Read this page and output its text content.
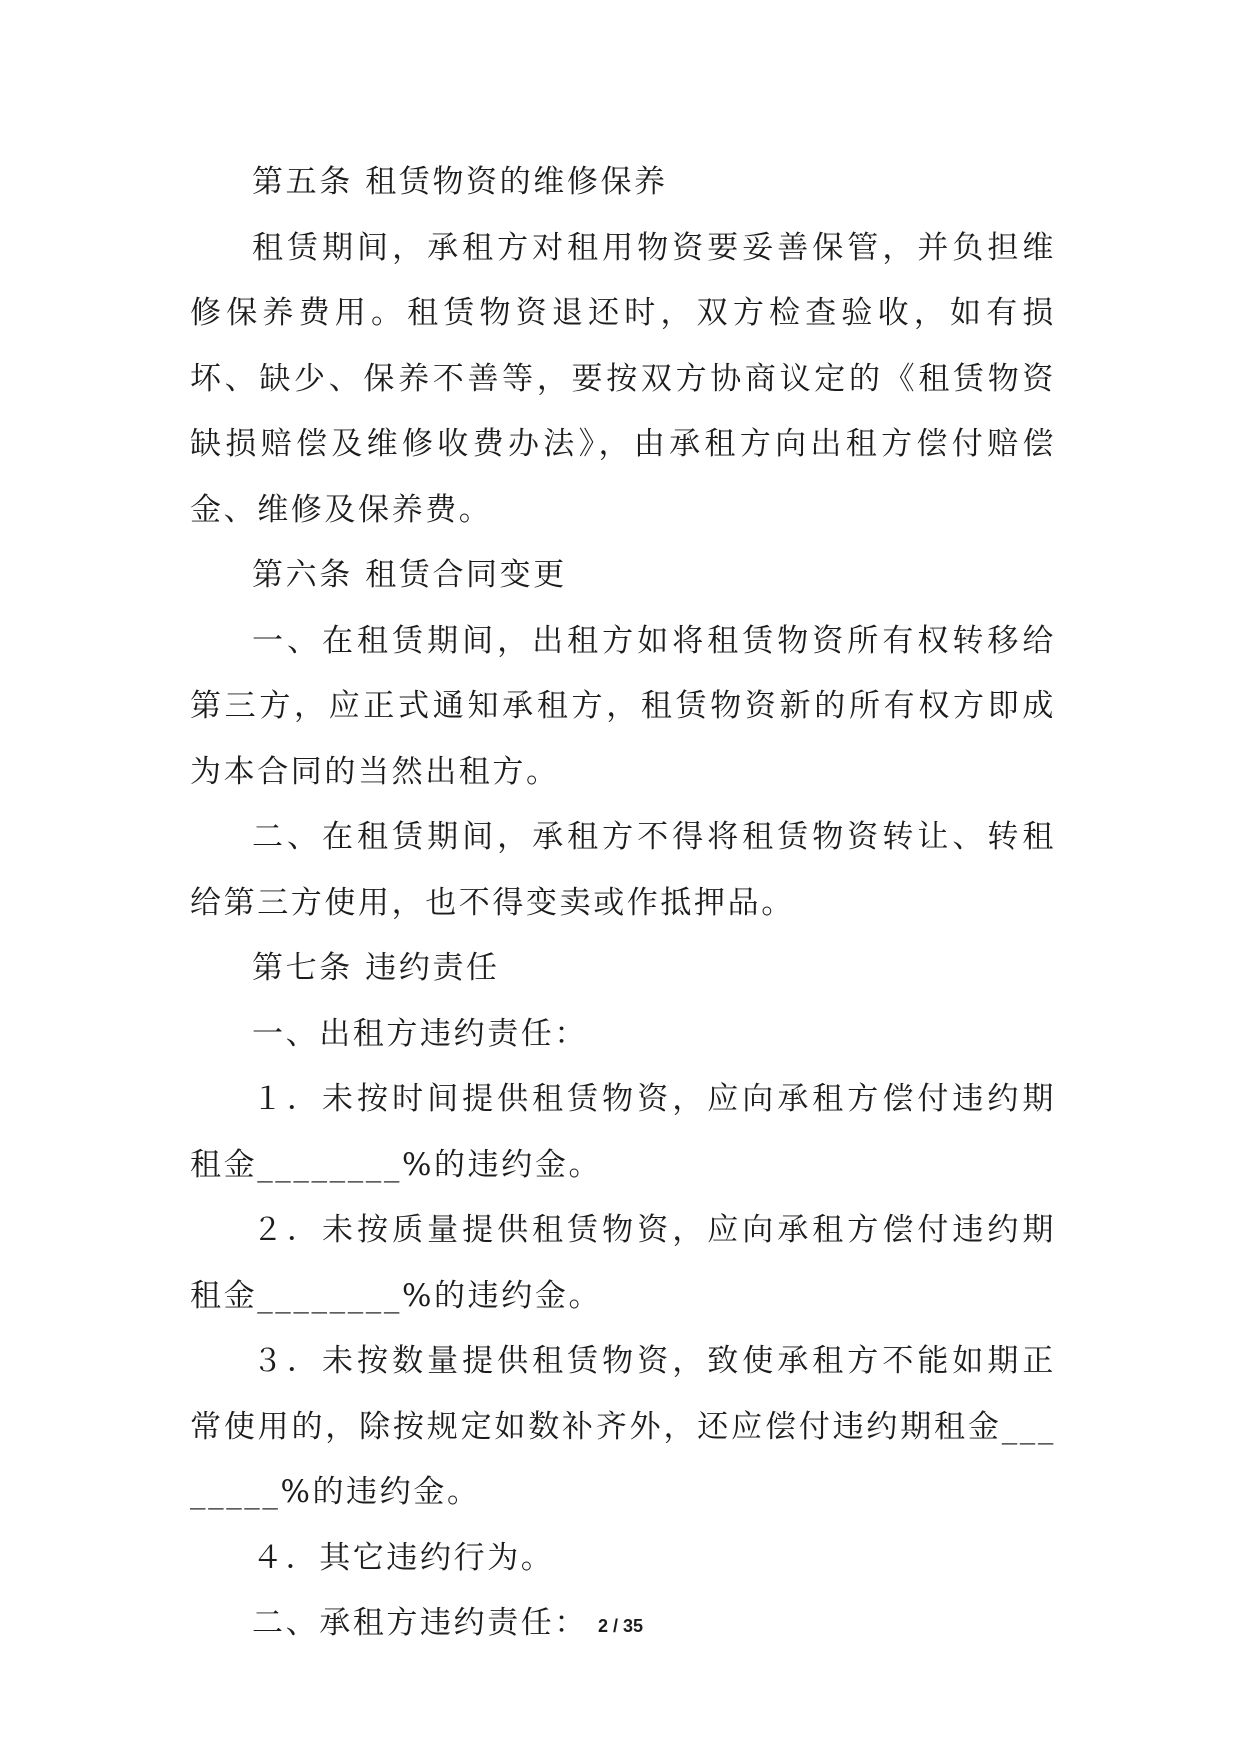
第五条 租赁物资的维修保养

租赁期间，承租方对租用物资要妥善保管，并负担维修保养费用。租赁物资退还时，双方检查验收，如有损坏、缺少、保养不善等，要按双方协商议定的《租赁物资缺损赔偿及维修收费办法》，由承租方向出租方偿付赔偿金、维修及保养费。

第六条 租赁合同变更

一、在租赁期间，出租方如将租赁物资所有权转移给第三方，应正式通知承租方，租赁物资新的所有权方即成为本合同的当然出租方。

二、在租赁期间，承租方不得将租赁物资转让、转租给第三方使用，也不得变卖或作抵押品。

第七条 违约责任

一、出租方违约责任：

１．未按时间提供租赁物资，应向承租方偿付违约期租金________%的违约金。

２．未按质量提供租赁物资，应向承租方偿付违约期租金________%的违约金。

３．未按数量提供租赁物资，致使承租方不能如期正常使用的，除按规定如数补齐外，还应偿付违约期租金________%的违约金。

４．其它违约行为。

二、承租方违约责任： 2 / 35
